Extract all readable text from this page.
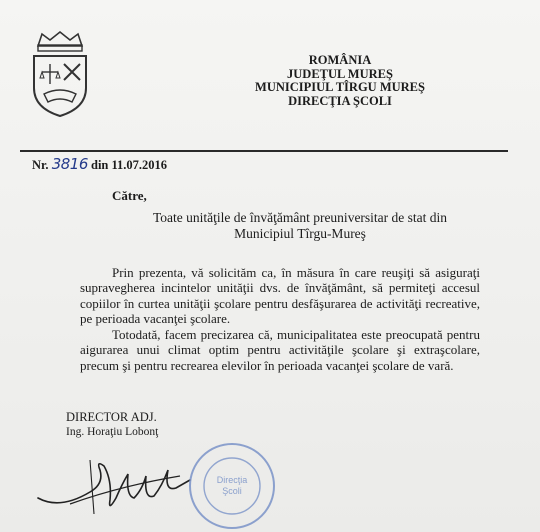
ROMÂNIA
JUDEŢUL MUREŞ
MUNICIPIUL TÎRGU MUREŞ
DIRECŢIA ŞCOLI
Nr. 3816 din 11.07.2016
Către,
Toate unităţile de învăţământ preuniversitar de stat din
Municipiul Tîrgu-Mureş
Prin prezenta, vă solicităm ca, în măsura în care reuşiţi să asiguraţi supravegherea incintelor unităţii dvs. de învăţământ, să permiteţi accesul copiilor în curtea unităţii şcolare pentru desfăşurarea de activităţi recreative, pe perioada vacanţei şcolare.
Totodată, facem precizarea că, municipalitatea este preocupată pentru aigurarea unui climat optim pentru activităţile şcolare şi extraşcolare, precum şi pentru recrearea elevilor în perioada vacanţei şcolare de vară.
DIRECTOR ADJ.
Ing. Horaţiu Lobonţ
Direcţia
Şcoli
